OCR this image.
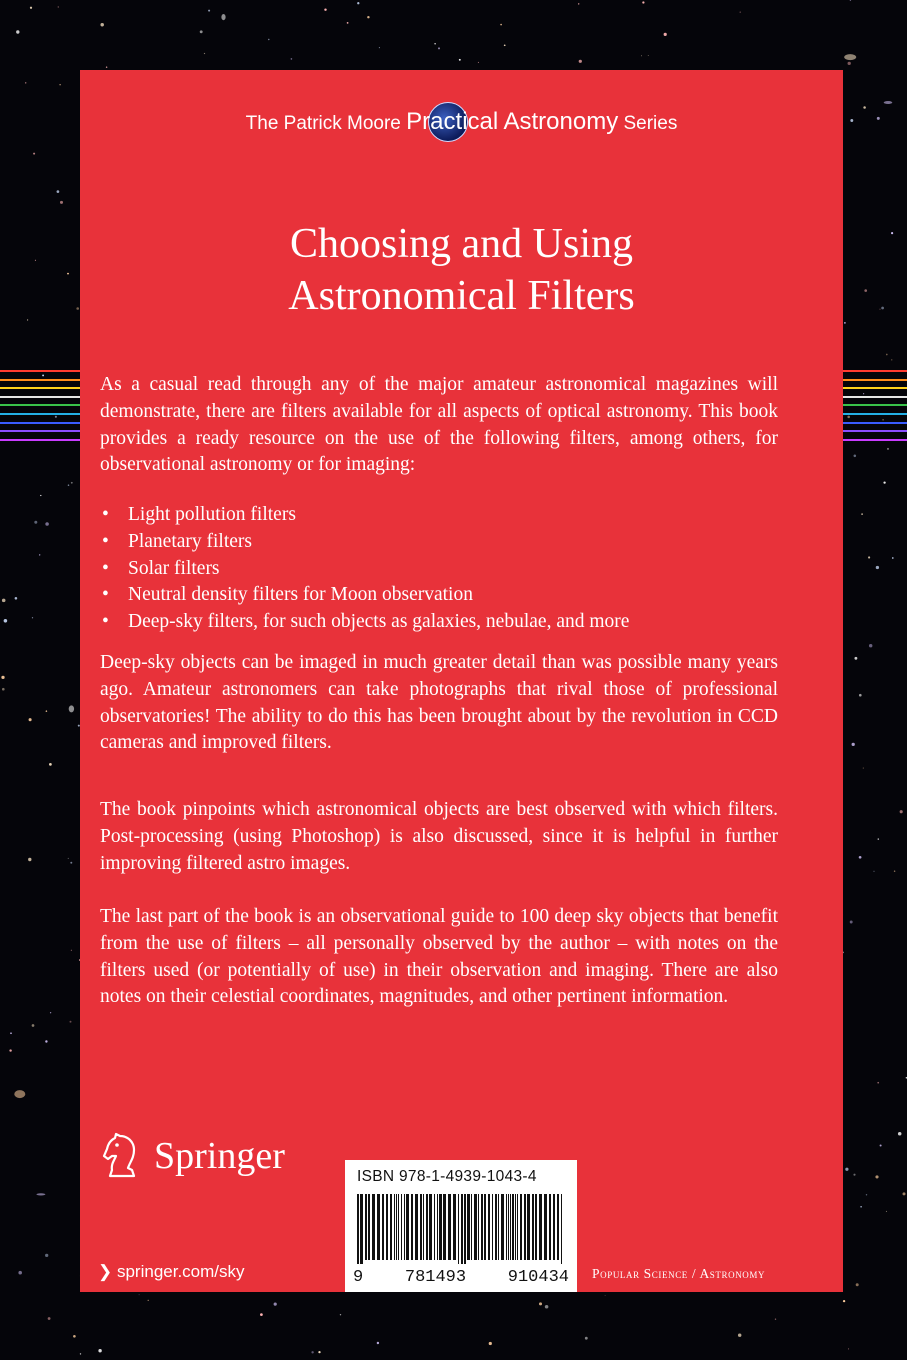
The Patrick Moore Practical Astronomy Series
Choosing and Using
Astronomical Filters

As a casual read through any of the major amateur astronomical magazines will demonstrate, there are filters available for all aspects of optical astronomy. This book provides a ready resource on the use of the following filters, among others, for observational astronomy or for imaging:

• Light pollution filters
• Planetary filters
• Solar filters
• Neutral density filters for Moon observation
• Deep-sky filters, for such objects as galaxies, nebulae, and more

Deep-sky objects can be imaged in much greater detail than was possible many years ago. Amateur astronomers can take photographs that rival those of professional observatories! The ability to do this has been brought about by the revolution in CCD cameras and improved filters.

The book pinpoints which astronomical objects are best observed with which filters. Post-processing (using Photoshop) is also discussed, since it is helpful in further improving filtered astro images.

The last part of the book is an observational guide to 100 deep sky objects that benefit from the use of filters – all personally observed by the author – with notes on the filters used (or potentially of use) in their observation and imaging. There are also notes on their celestial coordinates, magnitudes, and other pertinent information.

Springer
❯ springer.com/sky
ISBN 978-1-4939-1043-4
9 781493 910434 Popular Science / Astronomy
